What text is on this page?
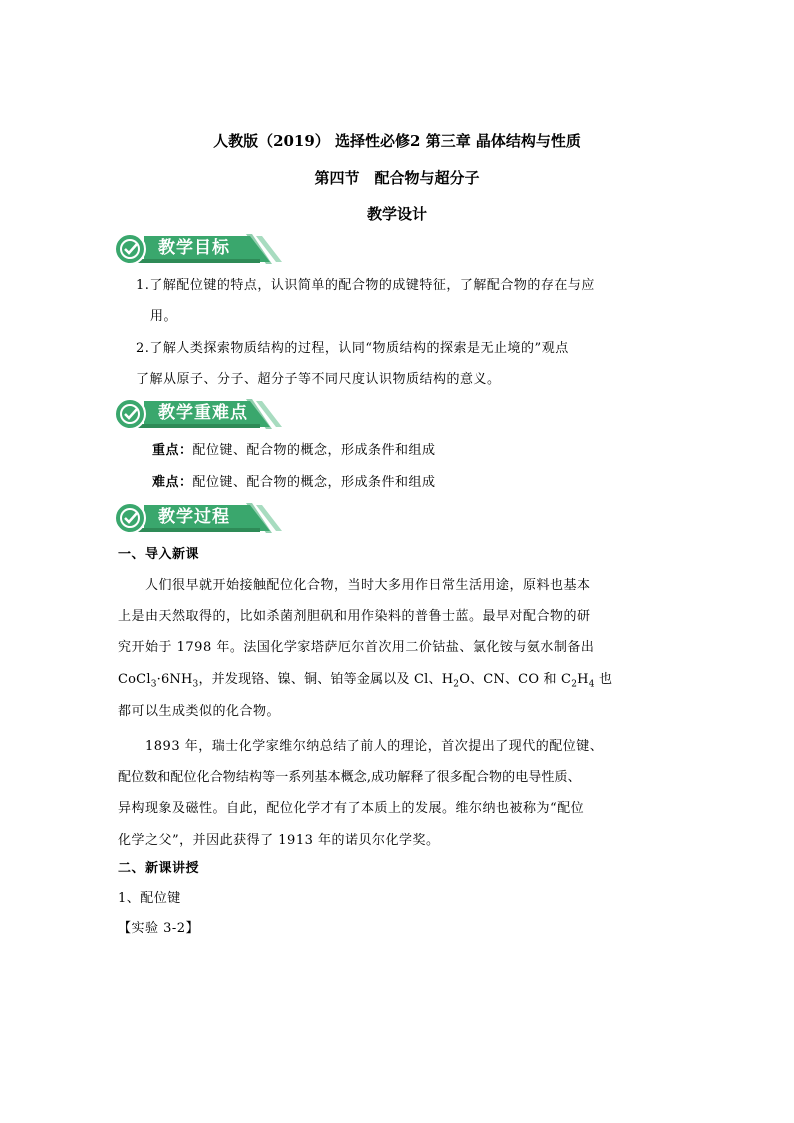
人教版（2019） 选择性必修2 第三章 晶体结构与性质
第四节　配合物与超分子
教学设计
教学目标
1.了解配位键的特点，认识简单的配合物的成键特征，了解配合物的存在与应
用。
2.了解人类探索物质结构的过程，认同“物质结构的探索是无止境的”观点
了解从原子、分子、超分子等不同尺度认识物质结构的意义。
教学重难点
重点：配位键、配合物的概念，形成条件和组成
难点：配位键、配合物的概念，形成条件和组成
教学过程
一、导入新课
人们很早就开始接触配位化合物，当时大多用作日常生活用途，原料也基本
上是由天然取得的，比如杀菌剂胆矾和用作染料的普鲁士蓝。最早对配合物的研
究开始于 1798 年。法国化学家塔萨厄尔首次用二价钴盐、氯化铵与氨水制备出
$CoCl_3\cdot 6NH_3$，并发现铬、镍、铜、铂等金属以及 Cl、$H_2O$、CN、CO 和 $C_2H_4$ 也
都可以生成类似的化合物。
1893 年，瑞士化学家维尔纳总结了前人的理论，首次提出了现代的配位键、
配位数和配位化合物结构等一系列基本概念,成功解释了很多配合物的电导性质、
异构现象及磁性。自此，配位化学才有了本质上的发展。维尔纳也被称为“配位
化学之父”，并因此获得了 1913 年的诺贝尔化学奖。
二、新课讲授
1、配位键
【实验 3-2】
